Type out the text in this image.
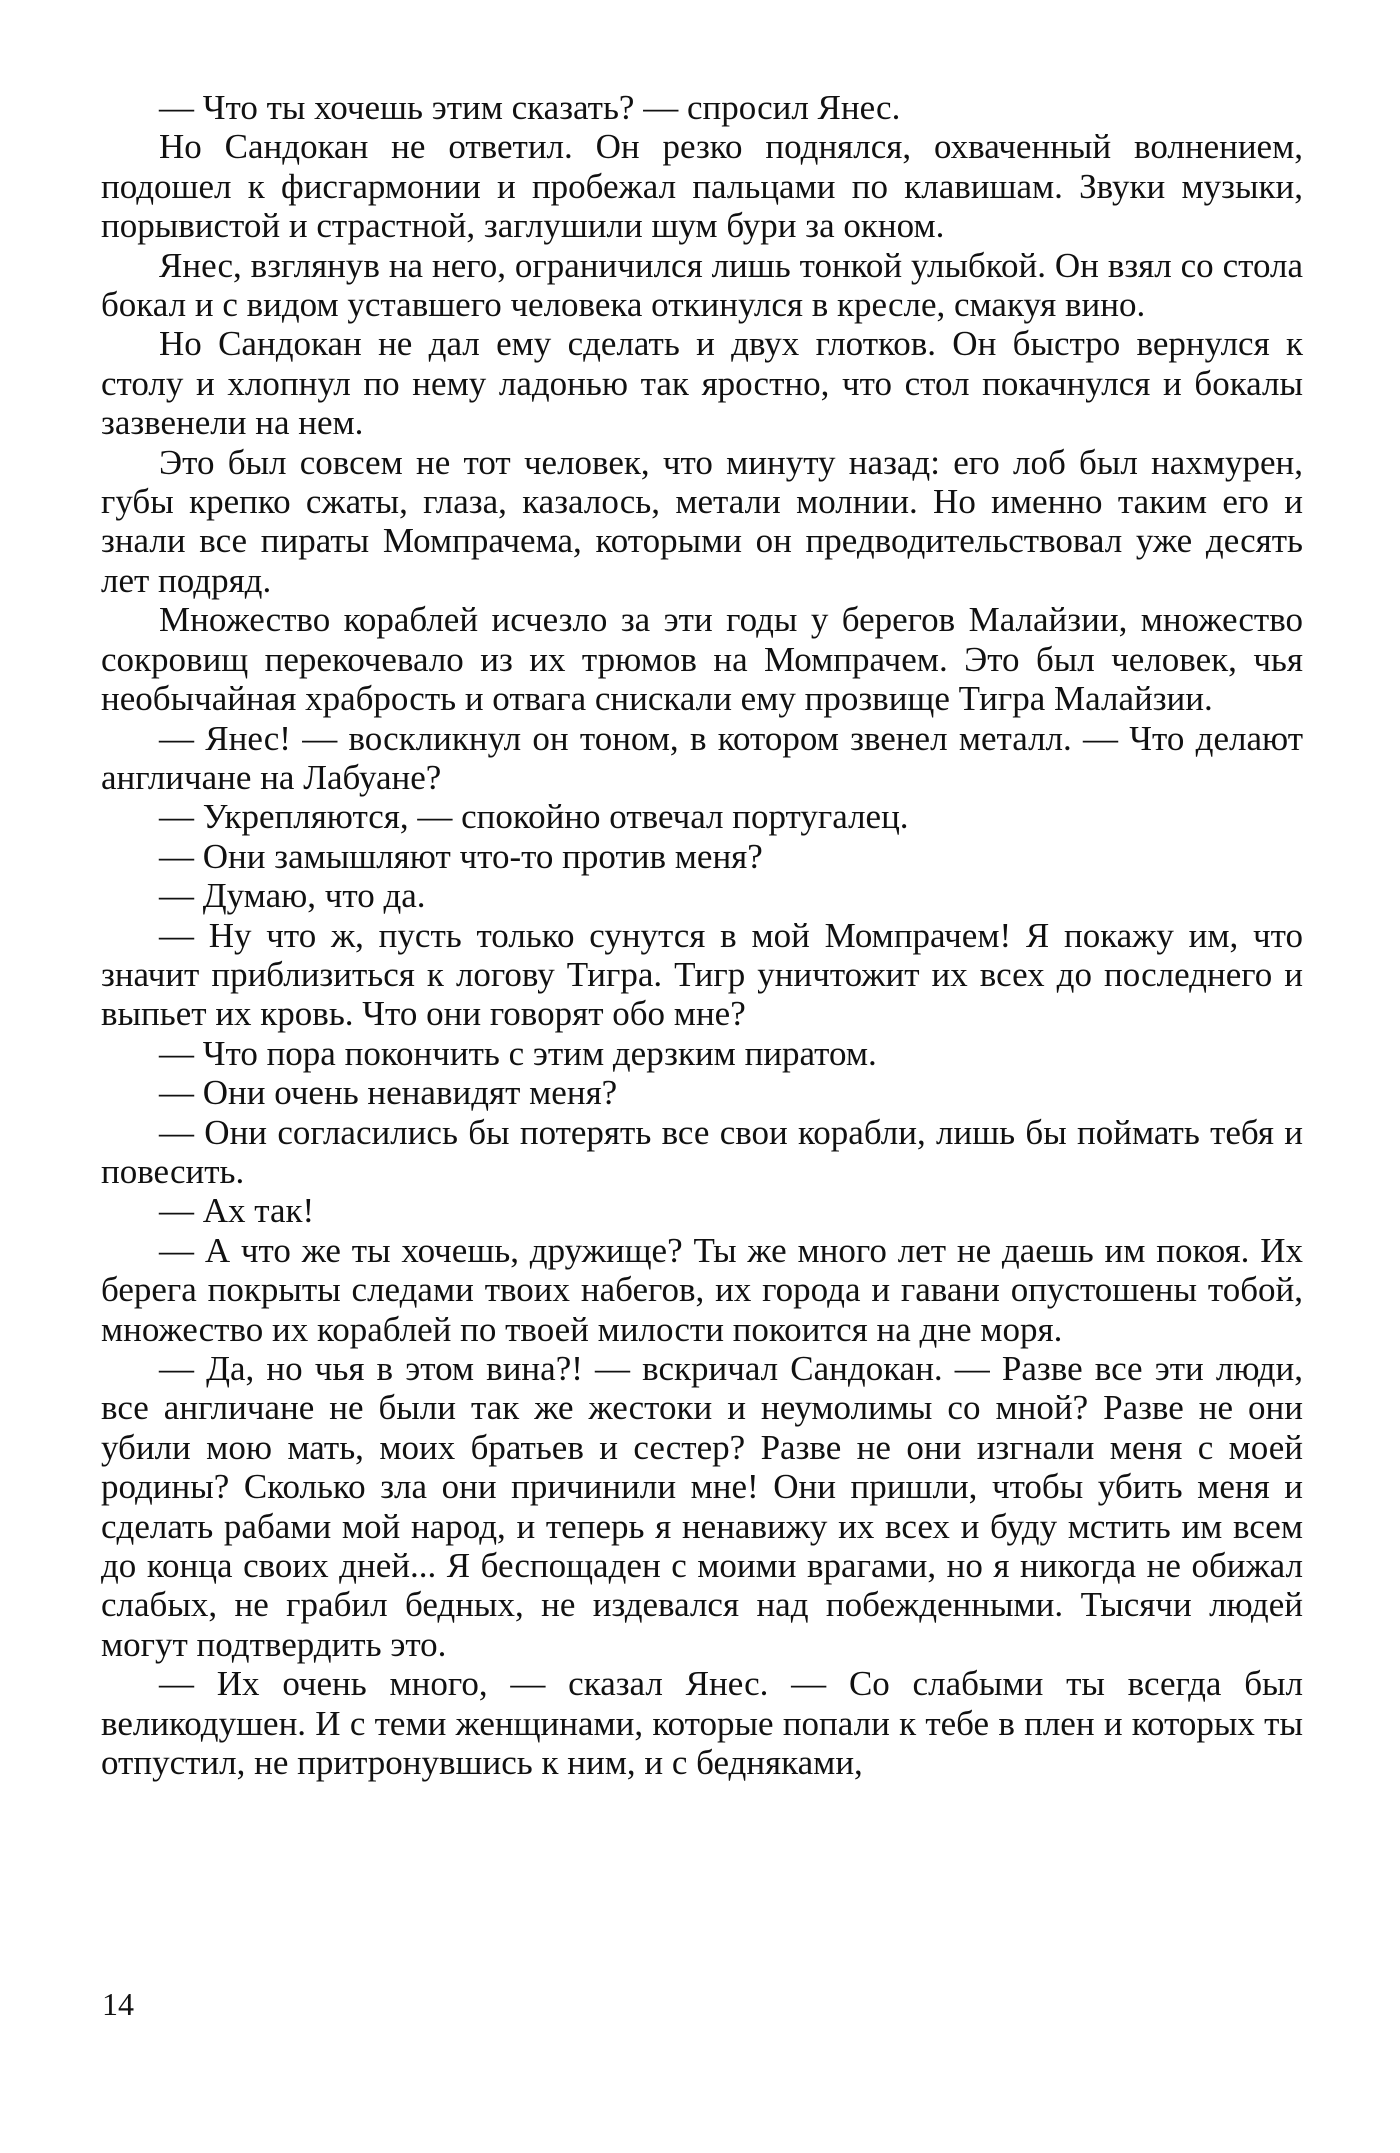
— Что ты хочешь этим сказать? — спросил Янес.

Но Сандокан не ответил. Он резко поднялся, охваченный волнением, подошел к фисгармонии и пробежал пальцами по клавишам. Звуки музыки, порывистой и страстной, заглушили шум бури за окном.

Янес, взглянув на него, ограничился лишь тонкой улыбкой. Он взял со стола бокал и с видом уставшего человека откинулся в кресле, смакуя вино.

Но Сандокан не дал ему сделать и двух глотков. Он быстро вернулся к столу и хлопнул по нему ладонью так яростно, что стол покачнулся и бокалы зазвенели на нем.

Это был совсем не тот человек, что минуту назад: его лоб был нахмурен, губы крепко сжаты, глаза, казалось, метали молнии. Но именно таким его и знали все пираты Момпрачема, которыми он предводительствовал уже десять лет подряд.

Множество кораблей исчезло за эти годы у берегов Малайзии, множество сокровищ перекочевало из их трюмов на Момпрачем. Это был человек, чья необычайная храбрость и отвага снискали ему прозвище Тигра Малайзии.

— Янес! — воскликнул он тоном, в котором звенел металл. — Что делают англичане на Лабуане?

— Укрепляются, — спокойно отвечал португалец.

— Они замышляют что-то против меня?

— Думаю, что да.

— Ну что ж, пусть только сунутся в мой Момпрачем! Я покажу им, что значит приблизиться к логову Тигра. Тигр уничтожит их всех до последнего и выпьет их кровь. Что они говорят обо мне?

— Что пора покончить с этим дерзким пиратом.

— Они очень ненавидят меня?

— Они согласились бы потерять все свои корабли, лишь бы поймать тебя и повесить.

— Ах так!

— А что же ты хочешь, дружище? Ты же много лет не даешь им покоя. Их берега покрыты следами твоих набегов, их города и гавани опустошены тобой, множество их кораблей по твоей милости покоится на дне моря.

— Да, но чья в этом вина?! — вскричал Сандокан. — Разве все эти люди, все англичане не были так же жестоки и неумолимы со мной? Разве не они убили мою мать, моих братьев и сестер? Разве не они изгнали меня с моей родины? Сколько зла они причинили мне! Они пришли, чтобы убить меня и сделать рабами мой народ, и теперь я ненавижу их всех и буду мстить им всем до конца своих дней... Я беспощаден с моими врагами, но я никогда не обижал слабых, не грабил бедных, не издевался над побежденными. Тысячи людей могут подтвердить это.

— Их очень много, — сказал Янес. — Со слабыми ты всегда был великодушен. И с теми женщинами, которые попали к тебе в плен и которых ты отпустил, не притронувшись к ним, и с бедняками,

14
